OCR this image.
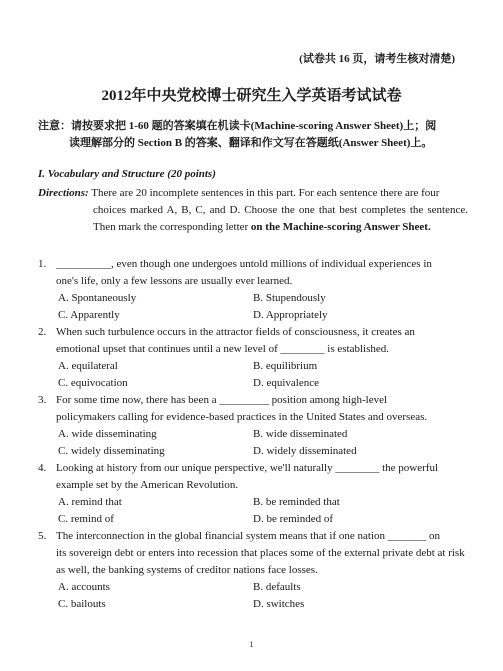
(试卷共 16 页，请考生核对清楚)
2012年中央党校博士研究生入学英语考试试卷
注意：请按要求把 1-60 题的答案填在机读卡(Machine-scoring Answer Sheet)上；阅
读理解部分的 Section B 的答案、翻译和作文写在答题纸(Answer Sheet)上。
I. Vocabulary and Structure (20 points)
Directions: There are 20 incomplete sentences in this part. For each sentence there are four
choices marked A, B, C, and D. Choose the one that best completes the sentence. Then mark the corresponding letter on the Machine-scoring Answer Sheet.
1. __________, even though one undergoes untold millions of individual experiences in
one's life, only a few lessons are usually ever learned.
A. Spontaneously	B. Stupendously
C. Apparently	D. Appropriately
2. When such turbulence occurs in the attractor fields of consciousness, it creates an
emotional upset that continues until a new level of ________ is established.
A. equilateral	B. equilibrium
C. equivocation	D. equivalence
3. For some time now, there has been a _________ position among high-level
policymakers calling for evidence-based practices in the United States and overseas.
A. wide disseminating	B. wide disseminated
C. widely disseminating	D. widely disseminated
4. Looking at history from our unique perspective, we'll naturally ________ the powerful
example set by the American Revolution.
A. remind that	B. be reminded that
C. remind of	D. be reminded of
5. The interconnection in the global financial system means that if one nation _______ on
its sovereign debt or enters into recession that places some of the external private debt at risk as well, the banking systems of creditor nations face losses.
A. accounts	B. defaults
C. bailouts	D. switches
1
